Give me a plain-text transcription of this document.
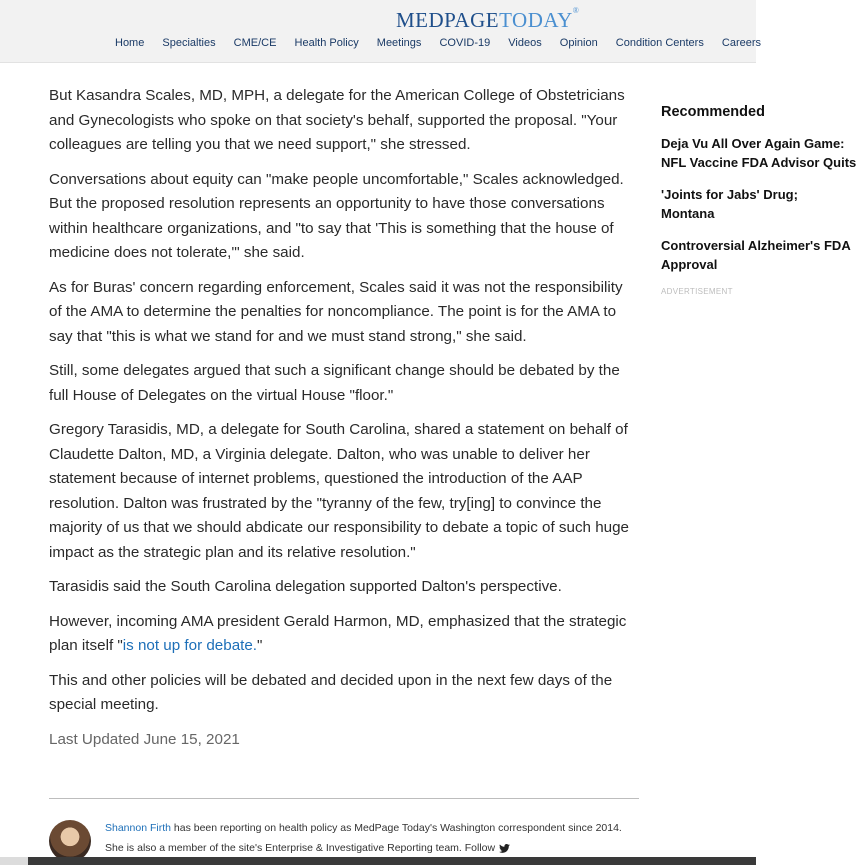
MEDPAGETODAY®
Home Specialties CME/CE Health Policy Meetings COVID-19 Videos Opinion Condition Centers Careers

But Kasandra Scales, MD, MPH, a delegate for the American College of Obstetricians and Gynecologists who spoke on that society's behalf, supported the proposal. "Your colleagues are telling you that we need support," she stressed.

Conversations about equity can "make people uncomfortable," Scales acknowledged. But the proposed resolution represents an opportunity to have those conversations within healthcare organizations, and "to say that 'This is something that the house of medicine does not tolerate,'" she said.

As for Buras' concern regarding enforcement, Scales said it was not the responsibility of the AMA to determine the penalties for noncompliance. The point is for the AMA to say that "this is what we stand for and we must stand strong," she said.

Still, some delegates argued that such a significant change should be debated by the full House of Delegates on the virtual House "floor."

Gregory Tarasidis, MD, a delegate for South Carolina, shared a statement on behalf of Claudette Dalton, MD, a Virginia delegate. Dalton, who was unable to deliver her statement because of internet problems, questioned the introduction of the AAP resolution. Dalton was frustrated by the "tyranny of the few, try[ing] to convince the majority of us that we should abdicate our responsibility to debate a topic of such huge impact as the strategic plan and its relative resolution."

Tarasidis said the South Carolina delegation supported Dalton's perspective.

However, incoming AMA president Gerald Harmon, MD, emphasized that the strategic plan itself "is not up for debate."

This and other policies will be debated and decided upon in the next few days of the special meeting.

Last Updated June 15, 2021

Shannon Firth has been reporting on health policy as MedPage Today's Washington correspondent since 2014. She is also a member of the site's Enterprise & Investigative Reporting team. Follow
Recommended
Deja Vu All Over Again Game: NFL Vaccine FDA Advisor Quits
'Joints for Jabs' Drug; Montana
Controversial Alzheimer's FDA Approval
ADVERTISEMENT
